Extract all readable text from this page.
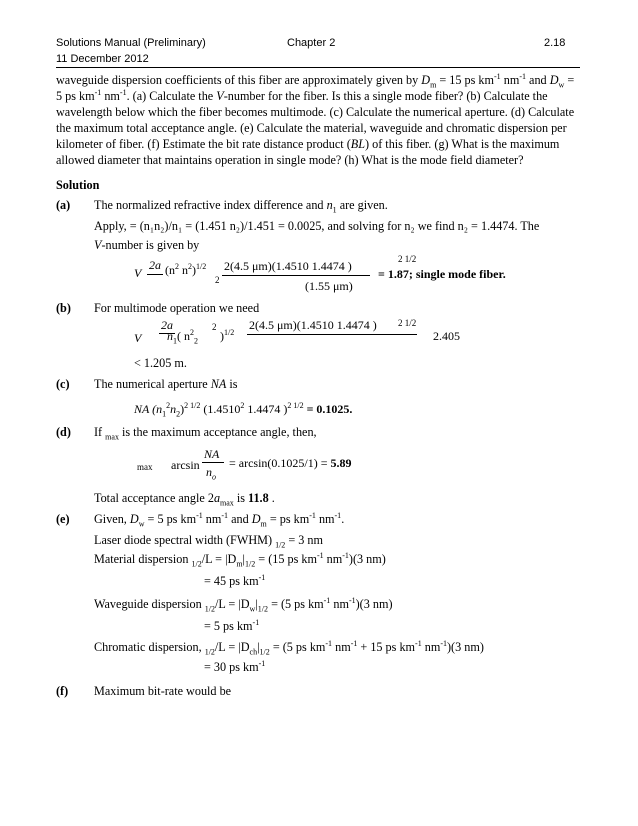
Solutions Manual (Preliminary)	Chapter 2	2.18
11 December 2012
waveguide dispersion coefficients of this fiber are approximately given by $D_m = 15$ ps $km^{-1}$ $nm^{-1}$ and $D_w = 5$ ps $km^{-1}$ $nm^{-1}$. (a) Calculate the V-number for the fiber. Is this a single mode fiber? (b) Calculate the wavelength below which the fiber becomes multimode. (c) Calculate the numerical aperture. (d) Calculate the maximum total acceptance angle. (e) Calculate the material, waveguide and chromatic dispersion per kilometer of fiber. (f) Estimate the bit rate distance product (BL) of this fiber. (g) What is the maximum allowed diameter that maintains operation in single mode? (h) What is the mode field diameter?
Solution
(a) The normalized refractive index difference and $n_1$ are given.
Apply, = (n₁n₂)/n₁ = (1.451 n₂)/1.451 = 0.0025, and solving for n₂ we find n₂ = 1.4474. The
V-number is given by
V
2a ($n^2$ $n^2)^{1/2}$
2
2 1/2
2(4.5 μm)(1.4510 1.4474 )
(1.55 μm)
= 1.87; single mode fiber.
(b) For multimode operation we need
V
2a
$n_1$( $n^2_2$
2
)$^{1/2}$
2(4.5 μm)(1.4510 1.4474 ) 2 1/2
2.405
< 1.205 m.
(c) The numerical aperture NA is
NA $(n_1^2n_2)^{2 1/2}$ (1.4510$^2$ 1.4474 )$^{2 1/2}$ = 0.1025.
(d) If $_{max}$ is the maximum acceptance angle, then,
max arcsin
NA
$n_o$
= arcsin(0.1025/1) = 5.89
Total acceptance angle $2a_{max}$ is 11.8 .
(e) Given, $D_w = 5$ ps $km^{-1}$ $nm^{-1}$ and $D_m$ = ps $km^{-1}$ $nm^{-1}$.
Laser diode spectral width (FWHM) $_{1/2}$ = 3 nm
Material dispersion $_{1/2}/L = |D_m|_{1/2} = (15$ ps $km^{-1}$ $nm^{-1})(3$ nm)
= 45 ps $km^{-1}$
Waveguide dispersion $_{1/2}/L = |D_w|_{1/2} = (5$ ps $km^{-1}$ $nm^{-1})(3$ nm)
= 5 ps $km^{-1}$
Chromatic dispersion, $_{1/2}/L = |D_{ch}|_{1/2} = (5$ ps $km^{-1}$ $nm^{-1} + 15$ ps $km^{-1}$ $nm^{-1})(3$ nm)
= 30 ps $km^{-1}$
(f) Maximum bit-rate would be
